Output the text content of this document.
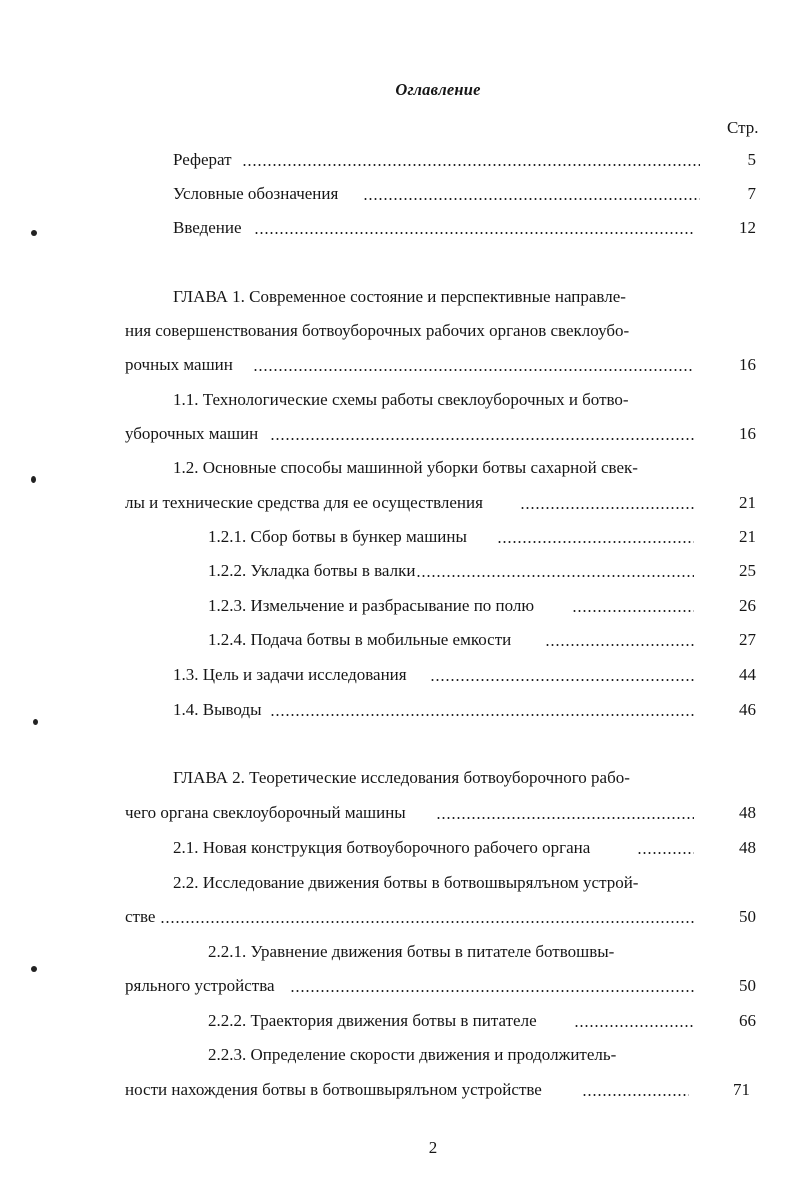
Оглавление
Стр.
Реферат	5
Условные обозначения	7
Введение	12
ГЛАВА 1. Современное состояние и перспективные направле-
ния совершенствования ботвоуборочных рабочих органов свеклоубо-
рочных машин	16
1.1. Технологические схемы работы свеклоуборочных и ботво-
уборочных машин	16
1.2. Основные способы машинной уборки ботвы сахарной свек-
лы и технические средства для ее осуществления	21
1.2.1. Сбор ботвы в бункер машины	21
1.2.2. Укладка ботвы в валки	25
1.2.3. Измельчение и разбрасывание по полю	26
1.2.4. Подача ботвы в мобильные емкости	27
1.3. Цель и задачи исследования	44
1.4. Выводы	46
ГЛАВА 2. Теоретические исследования ботвоуборочного рабо-
чего органа свеклоуборочный машины	48
2.1. Новая конструкция ботвоуборочного рабочего органа	48
2.2. Исследование движения ботвы в ботвошвырялъном устрой-
стве	50
2.2.1. Уравнение движения ботвы в питателе ботвошвы-
ряльного устройства	50
2.2.2. Траектория движения ботвы в питателе	66
2.2.3. Определение скорости движения и продолжитель-
ности нахождения ботвы в ботвошвырялъном устройстве	71
2
